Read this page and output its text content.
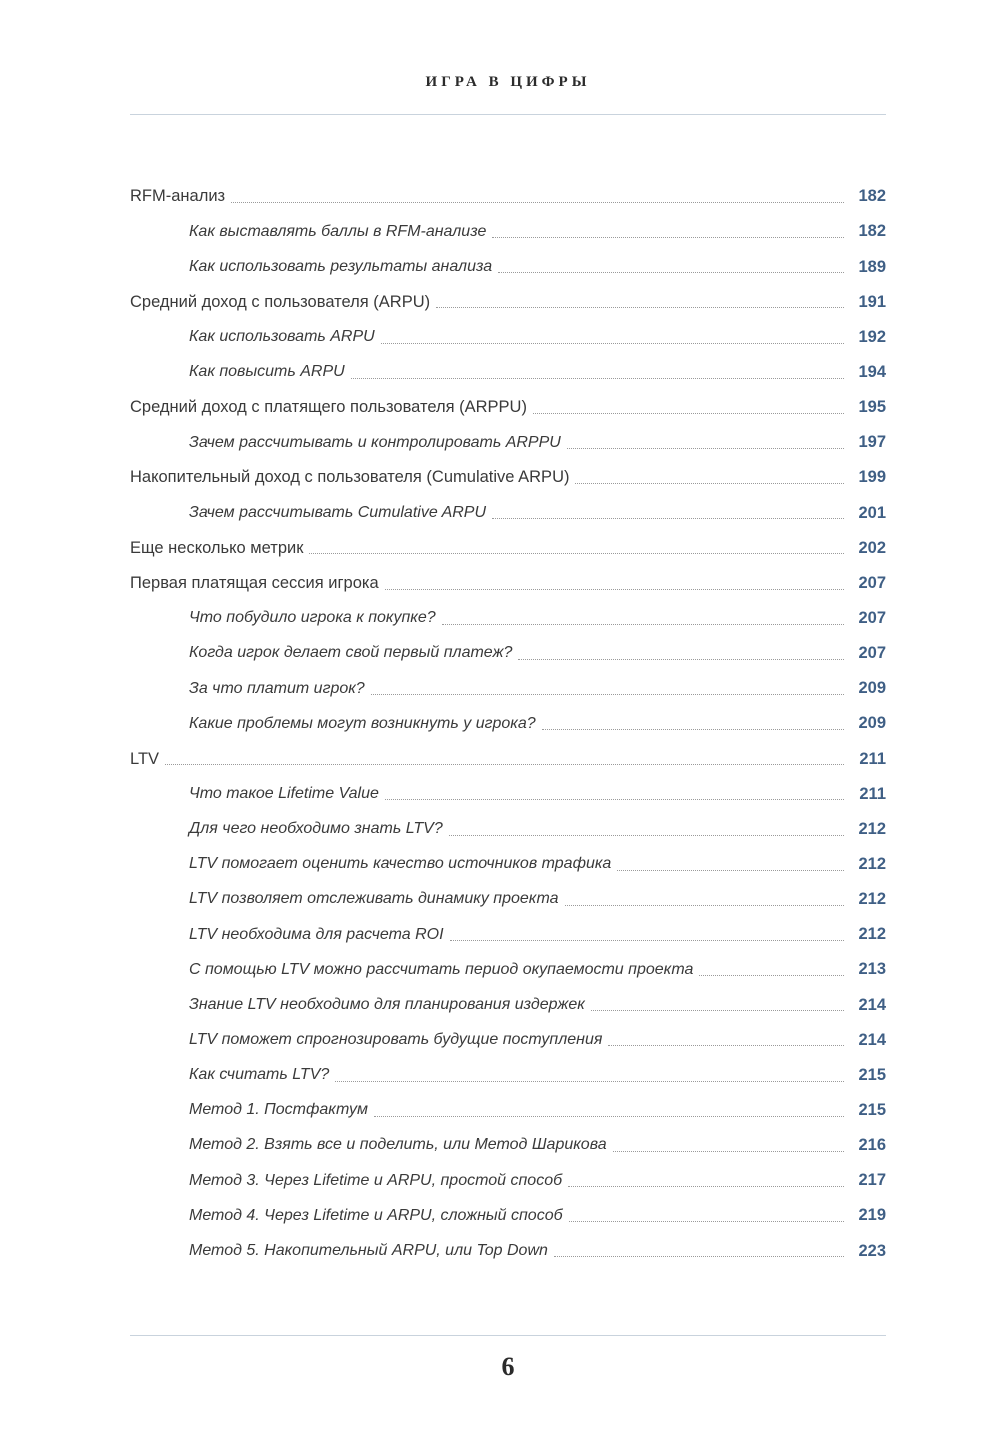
ИГРА В ЦИФРЫ
RFM-анализ	182
Как выставлять баллы в RFM-анализе	182
Как использовать результаты анализа	189
Средний доход с пользователя (ARPU)	191
Как использовать ARPU	192
Как повысить ARPU	194
Средний доход с платящего пользователя (ARPPU)	195
Зачем рассчитывать и контролировать ARPPU	197
Накопительный доход с пользователя (Cumulative ARPU)	199
Зачем рассчитывать Cumulative ARPU	201
Еще несколько метрик	202
Первая платящая сессия игрока	207
Что побудило игрока к покупке?	207
Когда игрок делает свой первый платеж?	207
За что платит игрок?	209
Какие проблемы могут возникнуть у игрока?	209
LTV	211
Что такое Lifetime Value	211
Для чего необходимо знать LTV?	212
LTV помогает оценить качество источников трафика	212
LTV позволяет отслеживать динамику проекта	212
LTV необходима для расчета ROI	212
С помощью LTV можно рассчитать период окупаемости проекта	213
Знание LTV необходимо для планирования издержек	214
LTV поможет спрогнозировать будущие поступления	214
Как считать LTV?	215
Метод 1. Постфактум	215
Метод 2. Взять все и поделить, или Метод Шарикова	216
Метод 3. Через Lifetime и ARPU, простой способ	217
Метод 4. Через Lifetime и ARPU, сложный способ	219
Метод 5. Накопительный ARPU, или Top Down	223
6
